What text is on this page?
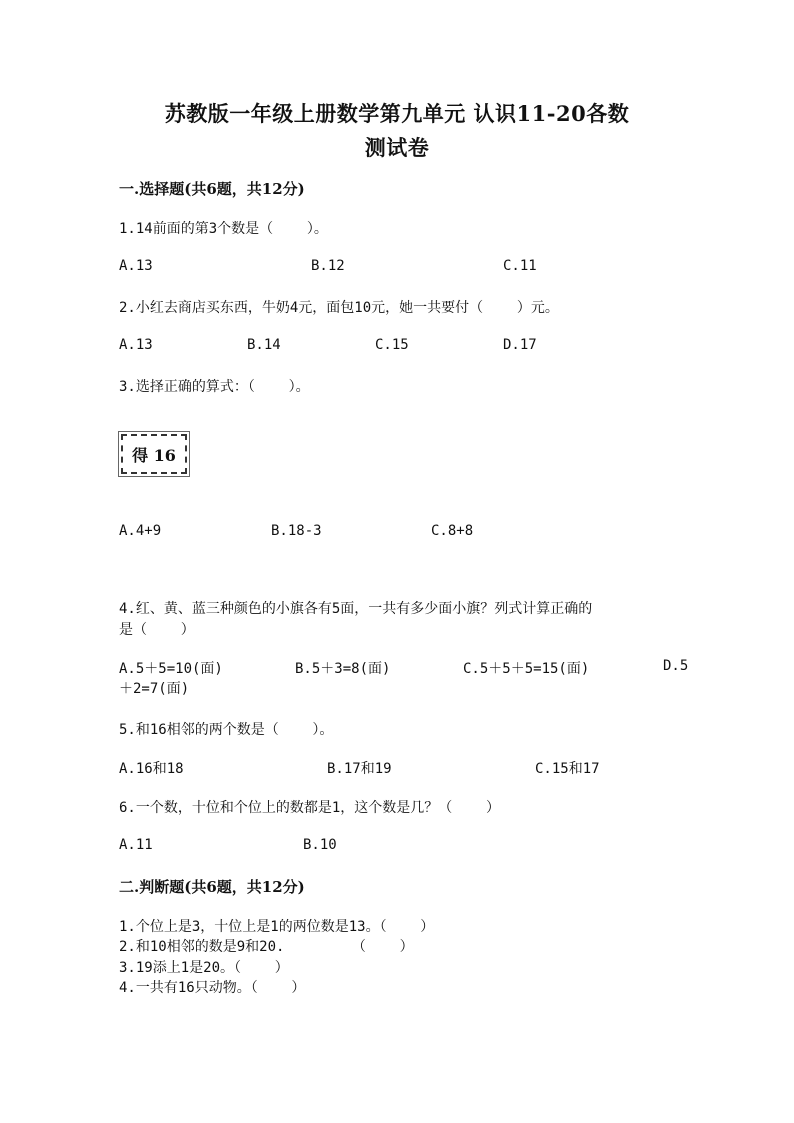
苏教版一年级上册数学第九单元 认识11-20各数
测试卷
一.选择题(共6题，共12分)
1.14前面的第3个数是（    ）。
A.13	B.12	C.11
2.小红去商店买东西，牛奶4元，面包10元，她一共要付（    ）元。
A.13	B.14	C.15	D.17
3.选择正确的算式：（    ）。
得 16
A.4+9	B.18-3	C.8+8
4.红、黄、蓝三种颜色的小旗各有5面，一共有多少面小旗？列式计算正确的
是（    ）
A.5＋5=10(面)	B.5＋3=8(面)	C.5＋5＋5=15(面)	D.5
＋2=7(面)
5.和16相邻的两个数是（    ）。
A.16和18	B.17和19	C.15和17
6.一个数，十位和个位上的数都是1，这个数是几？（    ）
A.11	B.10
二.判断题(共6题，共12分)
1.个位上是3，十位上是1的两位数是13。（    ）
2.和10相邻的数是9和20.        （    ）
3.19添上1是20。（    ）
4.一共有16只动物。（    ）
